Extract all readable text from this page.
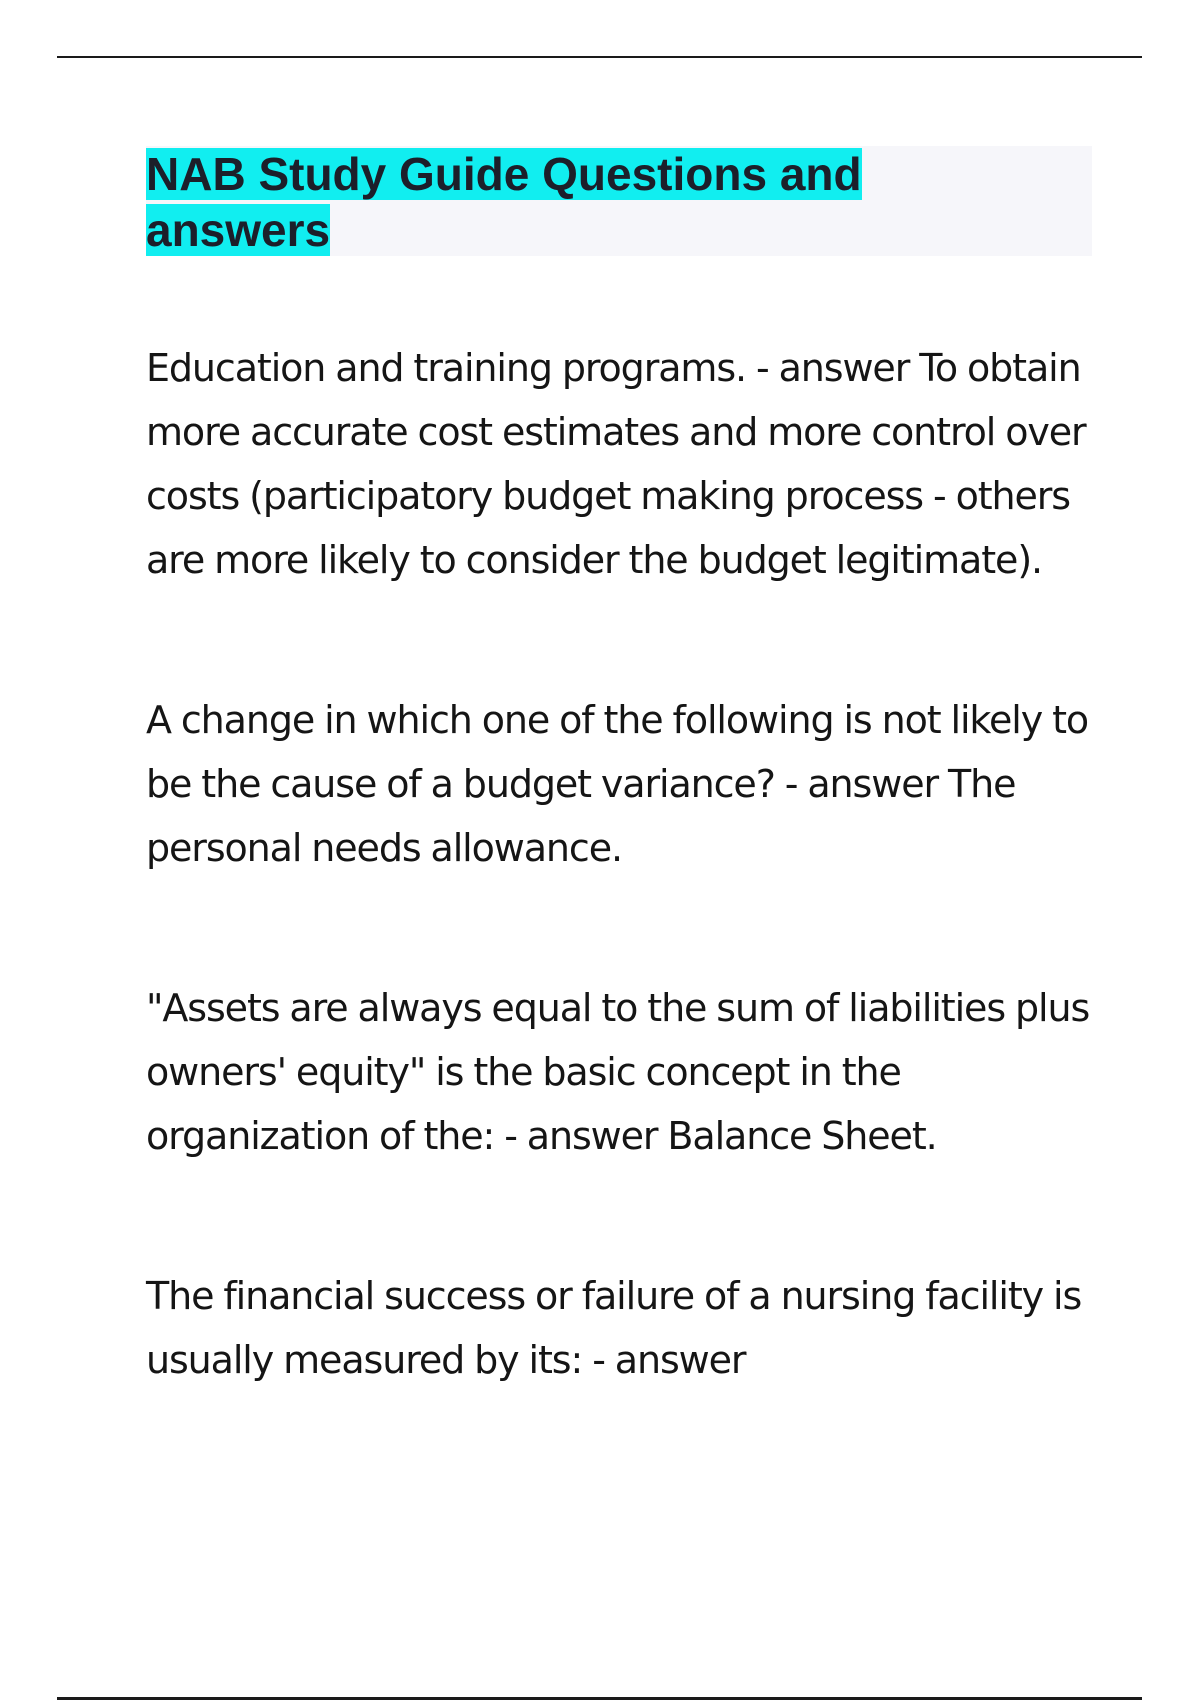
NAB Study Guide Questions and answers

Education and training programs. - answer To obtain more accurate cost estimates and more control over costs (participatory budget making process - others are more likely to consider the budget legitimate).

A change in which one of the following is not likely to be the cause of a budget variance? - answer The personal needs allowance.

"Assets are always equal to the sum of liabilities plus owners' equity" is the basic concept in the organization of the: - answer Balance Sheet.

The financial success or failure of a nursing facility is usually measured by its: - answer
